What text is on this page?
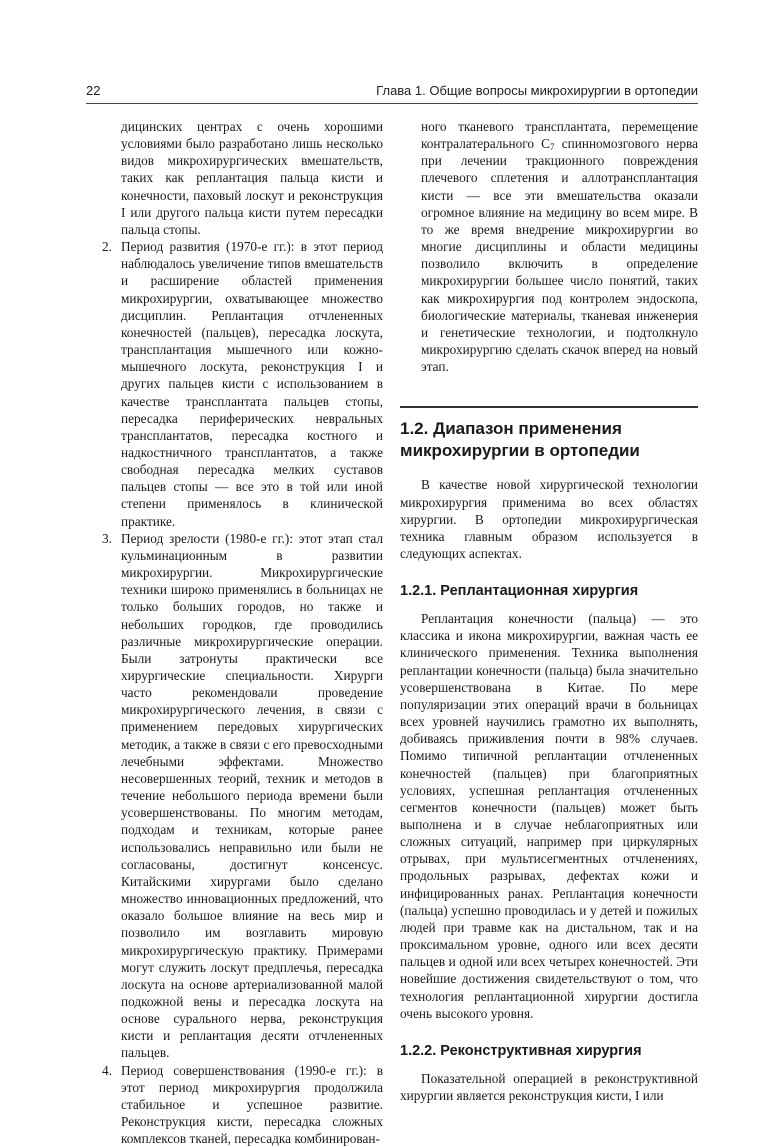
22	Глава 1. Общие вопросы микрохирургии в ортопедии

дицинских центрах с очень хорошими условиями было разработано лишь несколько видов микрохирургических вмешательств, таких как реплантация пальца кисти и конечности, паховый лоскут и реконструкция I или другого пальца кисти путем пересадки пальца стопы.

2. Период развития (1970-е гг.): в этот период наблюдалось увеличение типов вмешательств и расширение областей применения микрохирургии, охватывающее множество дисциплин. Реплантация отчлененных конечностей (пальцев), пересадка лоскута, трансплантация мышечного или кожно-мышечного лоскута, реконструкция I и других пальцев кисти с использованием в качестве трансплантата пальцев стопы, пересадка периферических невральных трансплантатов, пересадка костного и надкостничного трансплантатов, а также свободная пересадка мелких суставов пальцев стопы — все это в той или иной степени применялось в клинической практике.
3. Период зрелости (1980-е гг.): этот этап стал кульминационным в развитии микрохирургии. Микрохирургические техники широко применялись в больницах не только больших городов, но также и небольших городков, где проводились различные микрохирургические операции. Были затронуты практически все хирургические специальности. Хирурги часто рекомендовали проведение микрохирургического лечения, в связи с применением передовых хирургических методик, а также в связи с его превосходными лечебными эффектами. Множество несовершенных теорий, техник и методов в течение небольшого периода времени были усовершенствованы. По многим методам, подходам и техникам, которые ранее использовались неправильно или были не согласованы, достигнут консенсус. Китайскими хирургами было сделано множество инновационных предложений, что оказало большое влияние на весь мир и позволило им возглавить мировую микрохирургическую практику. Примерами могут служить лоскут предплечья, пересадка лоскута на основе артериализованной малой подкожной вены и пересадка лоскута на основе сурального нерва, реконструкция кисти и реплантация десяти отчлененных пальцев.
4. Период совершенствования (1990-е гг.): в этот период микрохирургия продолжила стабильное и успешное развитие. Реконструкция кисти, пересадка сложных комплексов тканей, пересадка комбинирован-

ного тканевого трансплантата, перемещение контралатерального $C_7$ спинномозгового нерва при лечении тракционного повреждения плечевого сплетения и аллотрансплантация кисти — все эти вмешательства оказали огромное влияние на медицину во всем мире. В то же время внедрение микрохирургии во многие дисциплины и области медицины позволило включить в определение микрохирургии большее число понятий, таких как микрохирургия под контролем эндоскопа, биологические материалы, тканевая инженерия и генетические технологии, и подтолкнуло микрохирургию сделать скачок вперед на новый этап.

1.2. Диапазон применения микрохирургии в ортопедии

В качестве новой хирургической технологии микрохирургия применима во всех областях хирургии. В ортопедии микрохирургическая техника главным образом используется в следующих аспектах.

1.2.1. Реплантационная хирургия

Реплантация конечности (пальца) — это классика и икона микрохирургии, важная часть ее клинического применения. Техника выполнения реплантации конечности (пальца) была значительно усовершенствована в Китае. По мере популяризации этих операций врачи в больницах всех уровней научились грамотно их выполнять, добиваясь приживления почти в 98% случаев. Помимо типичной реплантации отчлененных конечностей (пальцев) при благоприятных условиях, успешная реплантация отчлененных сегментов конечности (пальцев) может быть выполнена и в случае неблагоприятных или сложных ситуаций, например при циркулярных отрывах, при мультисегментных отчленениях, продольных разрывах, дефектах кожи и инфицированных ранах. Реплантация конечности (пальца) успешно проводилась и у детей и пожилых людей при травме как на дистальном, так и на проксимальном уровне, одного или всех десяти пальцев и одной или всех четырех конечностей. Эти новейшие достижения свидетельствуют о том, что технология реплантационной хирургии достигла очень высокого уровня.

1.2.2. Реконструктивная хирургия

Показательной операцией в реконструктивной хирургии является реконструкция кисти, I или
